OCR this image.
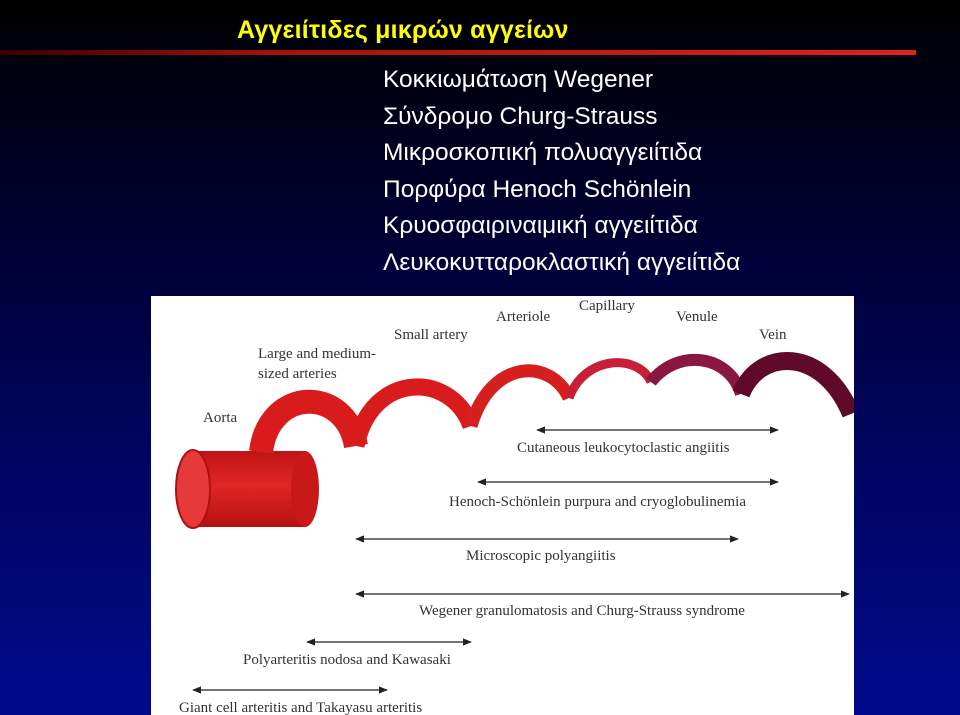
Αγγειίτιδες μικρών αγγείων
Κοκκιωμάτωση Wegener
Σύνδρομο Churg-Strauss
Μικροσκοπική πολυαγγειίτιδα
Πορφύρα Henoch Schönlein
Κρυοσφαιριναιμική αγγειίτιδα
Λευκοκυτταροκλαστική αγγειίτιδα
Aorta
Large and medium-
sized arteries
Small artery
Arteriole
Capillary
Venule
Vein
Cutaneous leukocytoclastic angiitis
Henoch-Schönlein purpura and cryoglobulinemia
Microscopic polyangiitis
Wegener granulomatosis and Churg-Strauss syndrome
Polyarteritis nodosa and Kawasaki
Giant cell arteritis and Takayasu arteritis
